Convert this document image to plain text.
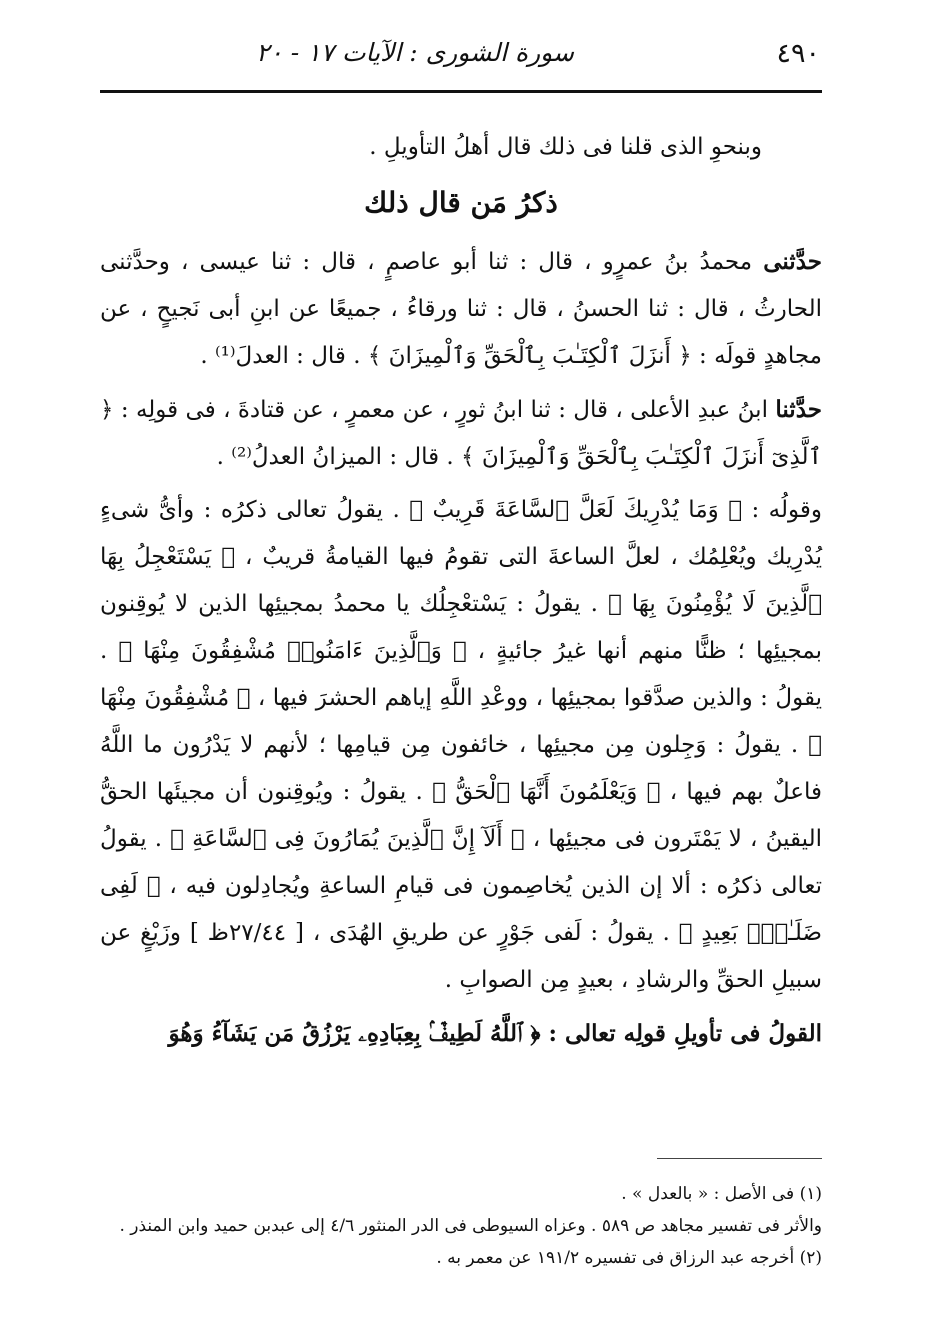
٤٩٠
سورة الشورى : الآيات ١٧ - ٢٠

وبنحوِ الذى قلنا فى ذلك قال أهلُ التأويلِ .

ذكرُ مَن قال ذلك

حدَّثنى محمدُ بنُ عمرٍو ، قال : ثنا أبو عاصمٍ ، قال : ثنا عيسى ، وحدَّثنى الحارثُ ، قال : ثنا الحسنُ ، قال : ثنا ورقاءُ ، جميعًا عن ابنِ أبى نَجيحٍ ، عن مجاهدٍ قولَه : ﴿ أَنزَلَ ٱلْكِتَـٰبَ بِٱلْحَقِّ وَٱلْمِيزَانَ ﴾ . قال : العدلَ⁽¹⁾ .

حدَّثنا ابنُ عبدِ الأعلى ، قال : ثنا ابنُ ثورٍ ، عن معمرٍ ، عن قتادةَ ، فى قولِه : ﴿ ٱلَّذِىٓ أَنزَلَ ٱلْكِتَـٰبَ بِٱلْحَقِّ وَٱلْمِيزَانَ ﴾ . قال : الميزانُ العدلُ⁽²⁾ .

وقولُه : ﴿ وَمَا يُدْرِيكَ لَعَلَّ ٱلسَّاعَةَ قَرِيبٌ ﴾ . يقولُ تعالى ذكرُه : وأىُّ شىءٍ يُدْرِيك ويُعْلِمُك ، لعلَّ الساعةَ التى تقومُ فيها القيامةُ قريبٌ ، ﴿ يَسْتَعْجِلُ بِهَا ٱلَّذِينَ لَا يُؤْمِنُونَ بِهَا ﴾ . يقولُ : يَسْتعْجِلُك يا محمدُ بمجيئِها الذين لا يُوقِنون بمجيئِها ؛ ظنًّا منهم أنها غيرُ جائيةٍ ، ﴿ وَٱلَّذِينَ ءَامَنُوا۟ مُشْفِقُونَ مِنْهَا ﴾ . يقولُ : والذين صدَّقوا بمجيئِها ، ووعْدِ اللَّهِ إياهم الحشرَ فيها ، ﴿ مُشْفِقُونَ مِنْهَا ﴾ . يقولُ : وَجِلون مِن مجيئِها ، خائفون مِن قيامِها ؛ لأنهم لا يَدْرُون ما اللَّهُ فاعلٌ بهم فيها ، ﴿ وَيَعْلَمُونَ أَنَّهَا ٱلْحَقُّ ﴾ . يقولُ : ويُوقِنون أن مجيئَها الحقُّ اليقينُ ، لا يَمْتَرون فى مجيئِها ، ﴿ أَلَآ إِنَّ ٱلَّذِينَ يُمَارُونَ فِى ٱلسَّاعَةِ ﴾ . يقولُ تعالى ذكرُه : ألا إن الذين يُخاصِمون فى قيامِ الساعةِ ويُجادِلون فيه ، ﴿ لَفِى ضَلَـٰلٍۭ بَعِيدٍ ﴾ . يقولُ : لَفى جَوْرٍ عن طريقِ الهُدَى ، [ ٢٧/٤٤ظ ] وزَيْغٍ عن سبيلِ الحقِّ والرشادِ ، بعيدٍ مِن الصوابِ .

القولُ فى تأويلِ قولِه تعالى : ﴿ ٱللَّهُ لَطِيفٌۢ بِعِبَادِهِۦ يَرْزُقُ مَن يَشَآءُ وَهُوَ

(١) فى الأصل : « بالعدل » .
والأثر فى تفسير مجاهد ص ٥٨٩ . وعزاه السيوطى فى الدر المنثور ٤/٦ إلى عبدبن حميد وابن المنذر .
(٢) أخرجه عبد الرزاق فى تفسيره ١٩١/٢ عن معمر به .
